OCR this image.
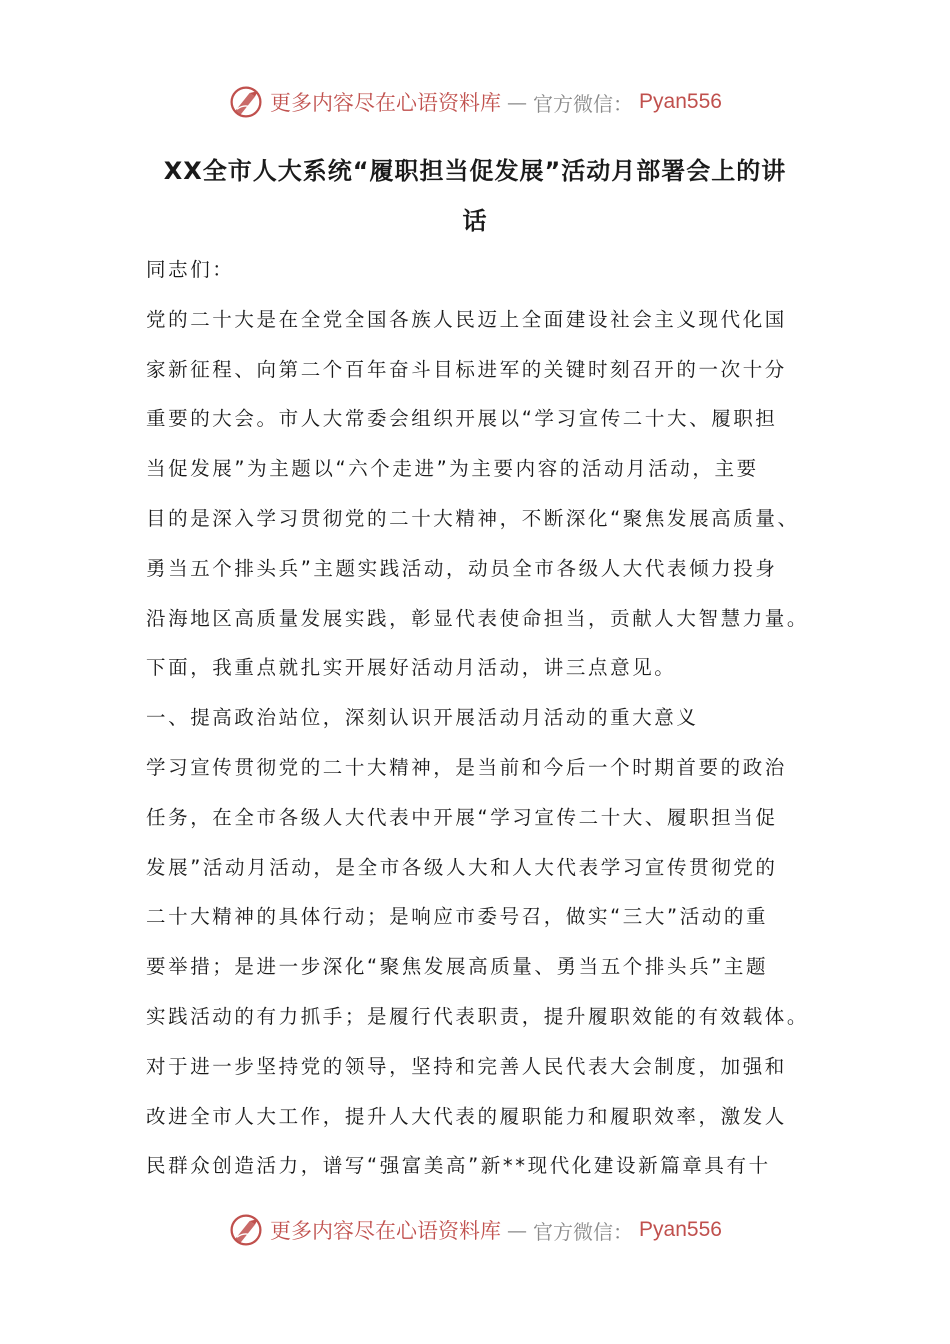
更多内容尽在心语资料库 — 官方微信： Pyan556
XX全市人大系统“履职担当促发展”活动月部署会上的讲
话

同志们：

党的二十大是在全党全国各族人民迈上全面建设社会主义现代化国

家新征程、向第二个百年奋斗目标进军的关键时刻召开的一次十分

重要的大会。市人大常委会组织开展以“学习宣传二十大、履职担

当促发展”为主题以“六个走进”为主要内容的活动月活动，主要

目的是深入学习贯彻党的二十大精神，不断深化“聚焦发展高质量、

勇当五个排头兵”主题实践活动，动员全市各级人大代表倾力投身

沿海地区高质量发展实践，彰显代表使命担当，贡献人大智慧力量。

下面，我重点就扎实开展好活动月活动，讲三点意见。

一、提高政治站位，深刻认识开展活动月活动的重大意义

学习宣传贯彻党的二十大精神，是当前和今后一个时期首要的政治

任务，在全市各级人大代表中开展“学习宣传二十大、履职担当促

发展”活动月活动，是全市各级人大和人大代表学习宣传贯彻党的

二十大精神的具体行动；是响应市委号召，做实“三大”活动的重

要举措；是进一步深化“聚焦发展高质量、勇当五个排头兵”主题

实践活动的有力抓手；是履行代表职责，提升履职效能的有效载体。

对于进一步坚持党的领导，坚持和完善人民代表大会制度，加强和

改进全市人大工作，提升人大代表的履职能力和履职效率，激发人

民群众创造活力，谱写“强富美高”新**现代化建设新篇章具有十

更多内容尽在心语资料库 — 官方微信： Pyan556
